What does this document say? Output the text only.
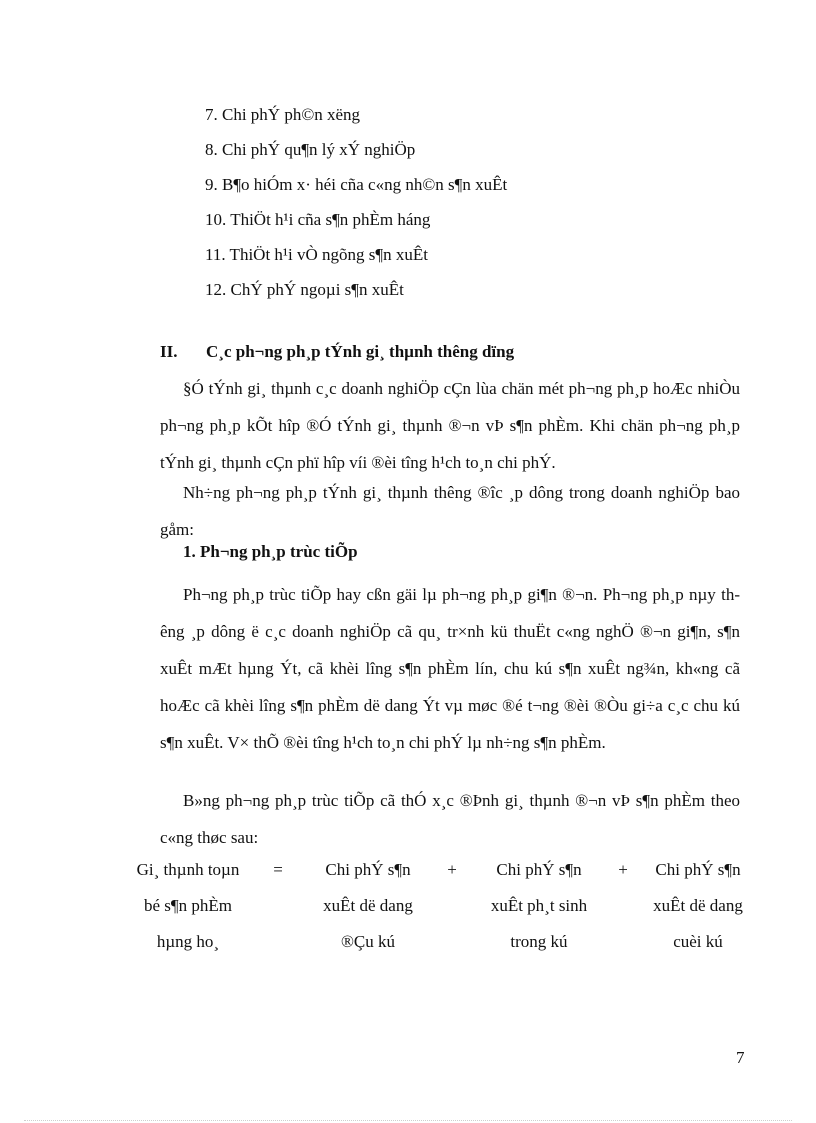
7. Chi phÝ ph©n xëng
8. Chi phÝ qu¶n lý xÝ nghiÖp
9. B¶o hiÓm x· héi cña c«ng nh©n s¶n xuÊt
10. ThiÖt h¹i cña s¶n phÈm háng
11. ThiÖt h¹i vÒ ngõng s¶n xuÊt
12. ChÝ phÝ ngoµi s¶n xuÊt
II. C¸c ph¬ng ph¸p tÝnh gi¸ thµnh thêng dïng

§Ó tÝnh gi¸ thµnh c¸c doanh nghiÖp cÇn lùa chän mét ph¬ng ph¸p hoÆc nhiÒu ph¬ng ph¸p kÕt hîp ®Ó tÝnh gi¸ thµnh ®¬n vÞ s¶n phÈm. Khi chän ph¬ng ph¸p tÝnh gi¸ thµnh cÇn phï hîp víi ®èi tîng h¹ch to¸n chi phÝ.

Nh÷ng ph¬ng ph¸p tÝnh gi¸ thµnh thêng ®îc ¸p dông trong doanh nghiÖp bao gåm:

1. Ph¬ng ph¸p trùc tiÕp

Ph¬ng ph¸p trùc tiÕp hay cßn gäi lµ ph¬ng ph¸p gi¶n ®¬n. Ph¬ng ph¸p nµy thêng ¸p dông ë c¸c doanh nghiÖp cã qu¸ tr×nh kü thuËt c«ng nghÖ ®¬n gi¶n, s¶n xuÊt mÆt hµng Ýt, cã khèi lîng s¶n phÈm lín, chu kú s¶n xuÊt ng¾n, kh«ng cã hoÆc cã khèi lîng s¶n phÈm dë dang Ýt vµ møc ®é t¬ng ®èi ®Òu gi÷a c¸c chu kú s¶n xuÊt. V× thÕ ®èi tîng h¹ch to¸n chi phÝ lµ nh÷ng s¶n phÈm.

B»ng ph¬ng ph¸p trùc tiÕp cã thÓ x¸c ®Þnh gi¸ thµnh ®¬n vÞ s¶n phÈm theo c«ng thøc sau:

Gi¸ thµnh toµn	=	Chi phÝ s¶n	+	Chi phÝ s¶n	+	Chi phÝ s¶n
bé s¶n phÈm	xuÊt dë dang	xuÊt ph¸t sinh	xuÊt dë dang
hµng ho¸	®Çu kú	trong kú	cuèi kú
7
